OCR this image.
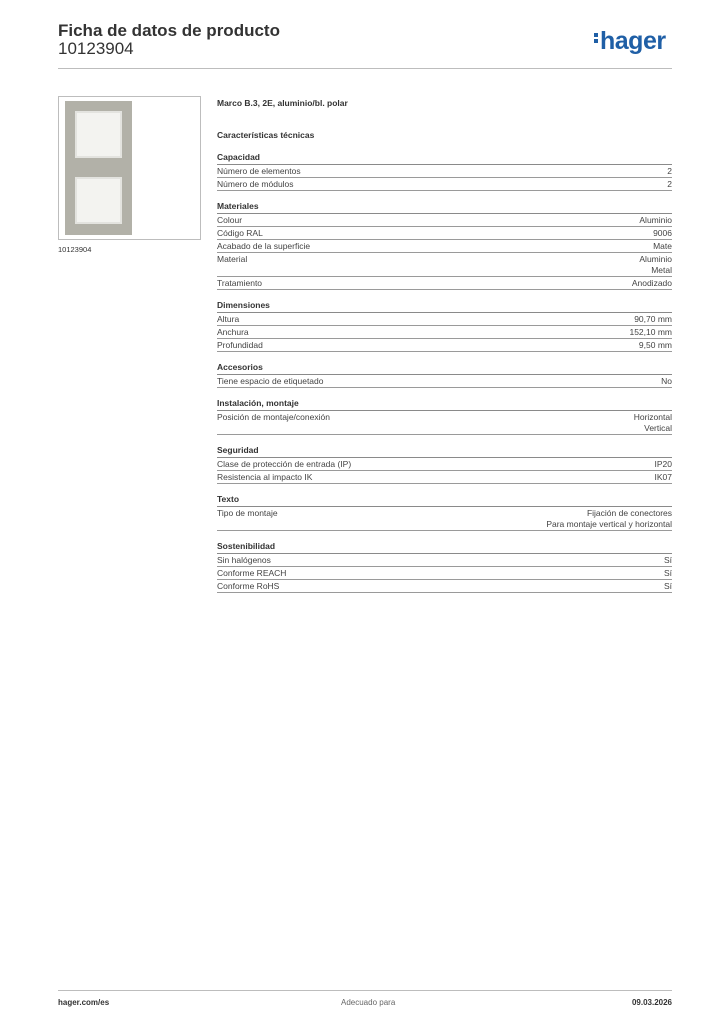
Ficha de datos de producto
10123904	hager
10123904
Marco B.3, 2E, aluminio/bl. polar
Características técnicas
Capacidad
Número de elementos	2
Número de módulos	2
Materiales
Colour	Aluminio
Código RAL	9006
Acabado de la superficie	Mate
Material	Aluminio
Metal
Tratamiento	Anodizado
Dimensiones
Altura	90,70 mm
Anchura	152,10 mm
Profundidad	9,50 mm
Accesorios
Tiene espacio de etiquetado	No
Instalación, montaje
Posición de montaje/conexión	Horizontal
Vertical
Seguridad
Clase de protección de entrada (IP)	IP20
Resistencia al impacto IK	IK07
Texto
Tipo de montaje	Fijación de conectores
Para montaje vertical y horizontal
Sostenibilidad
Sin halógenos	Sí
Conforme REACH	Sí
Conforme RoHS	Sí
hager.com/es	Adecuado para	09.03.2026
